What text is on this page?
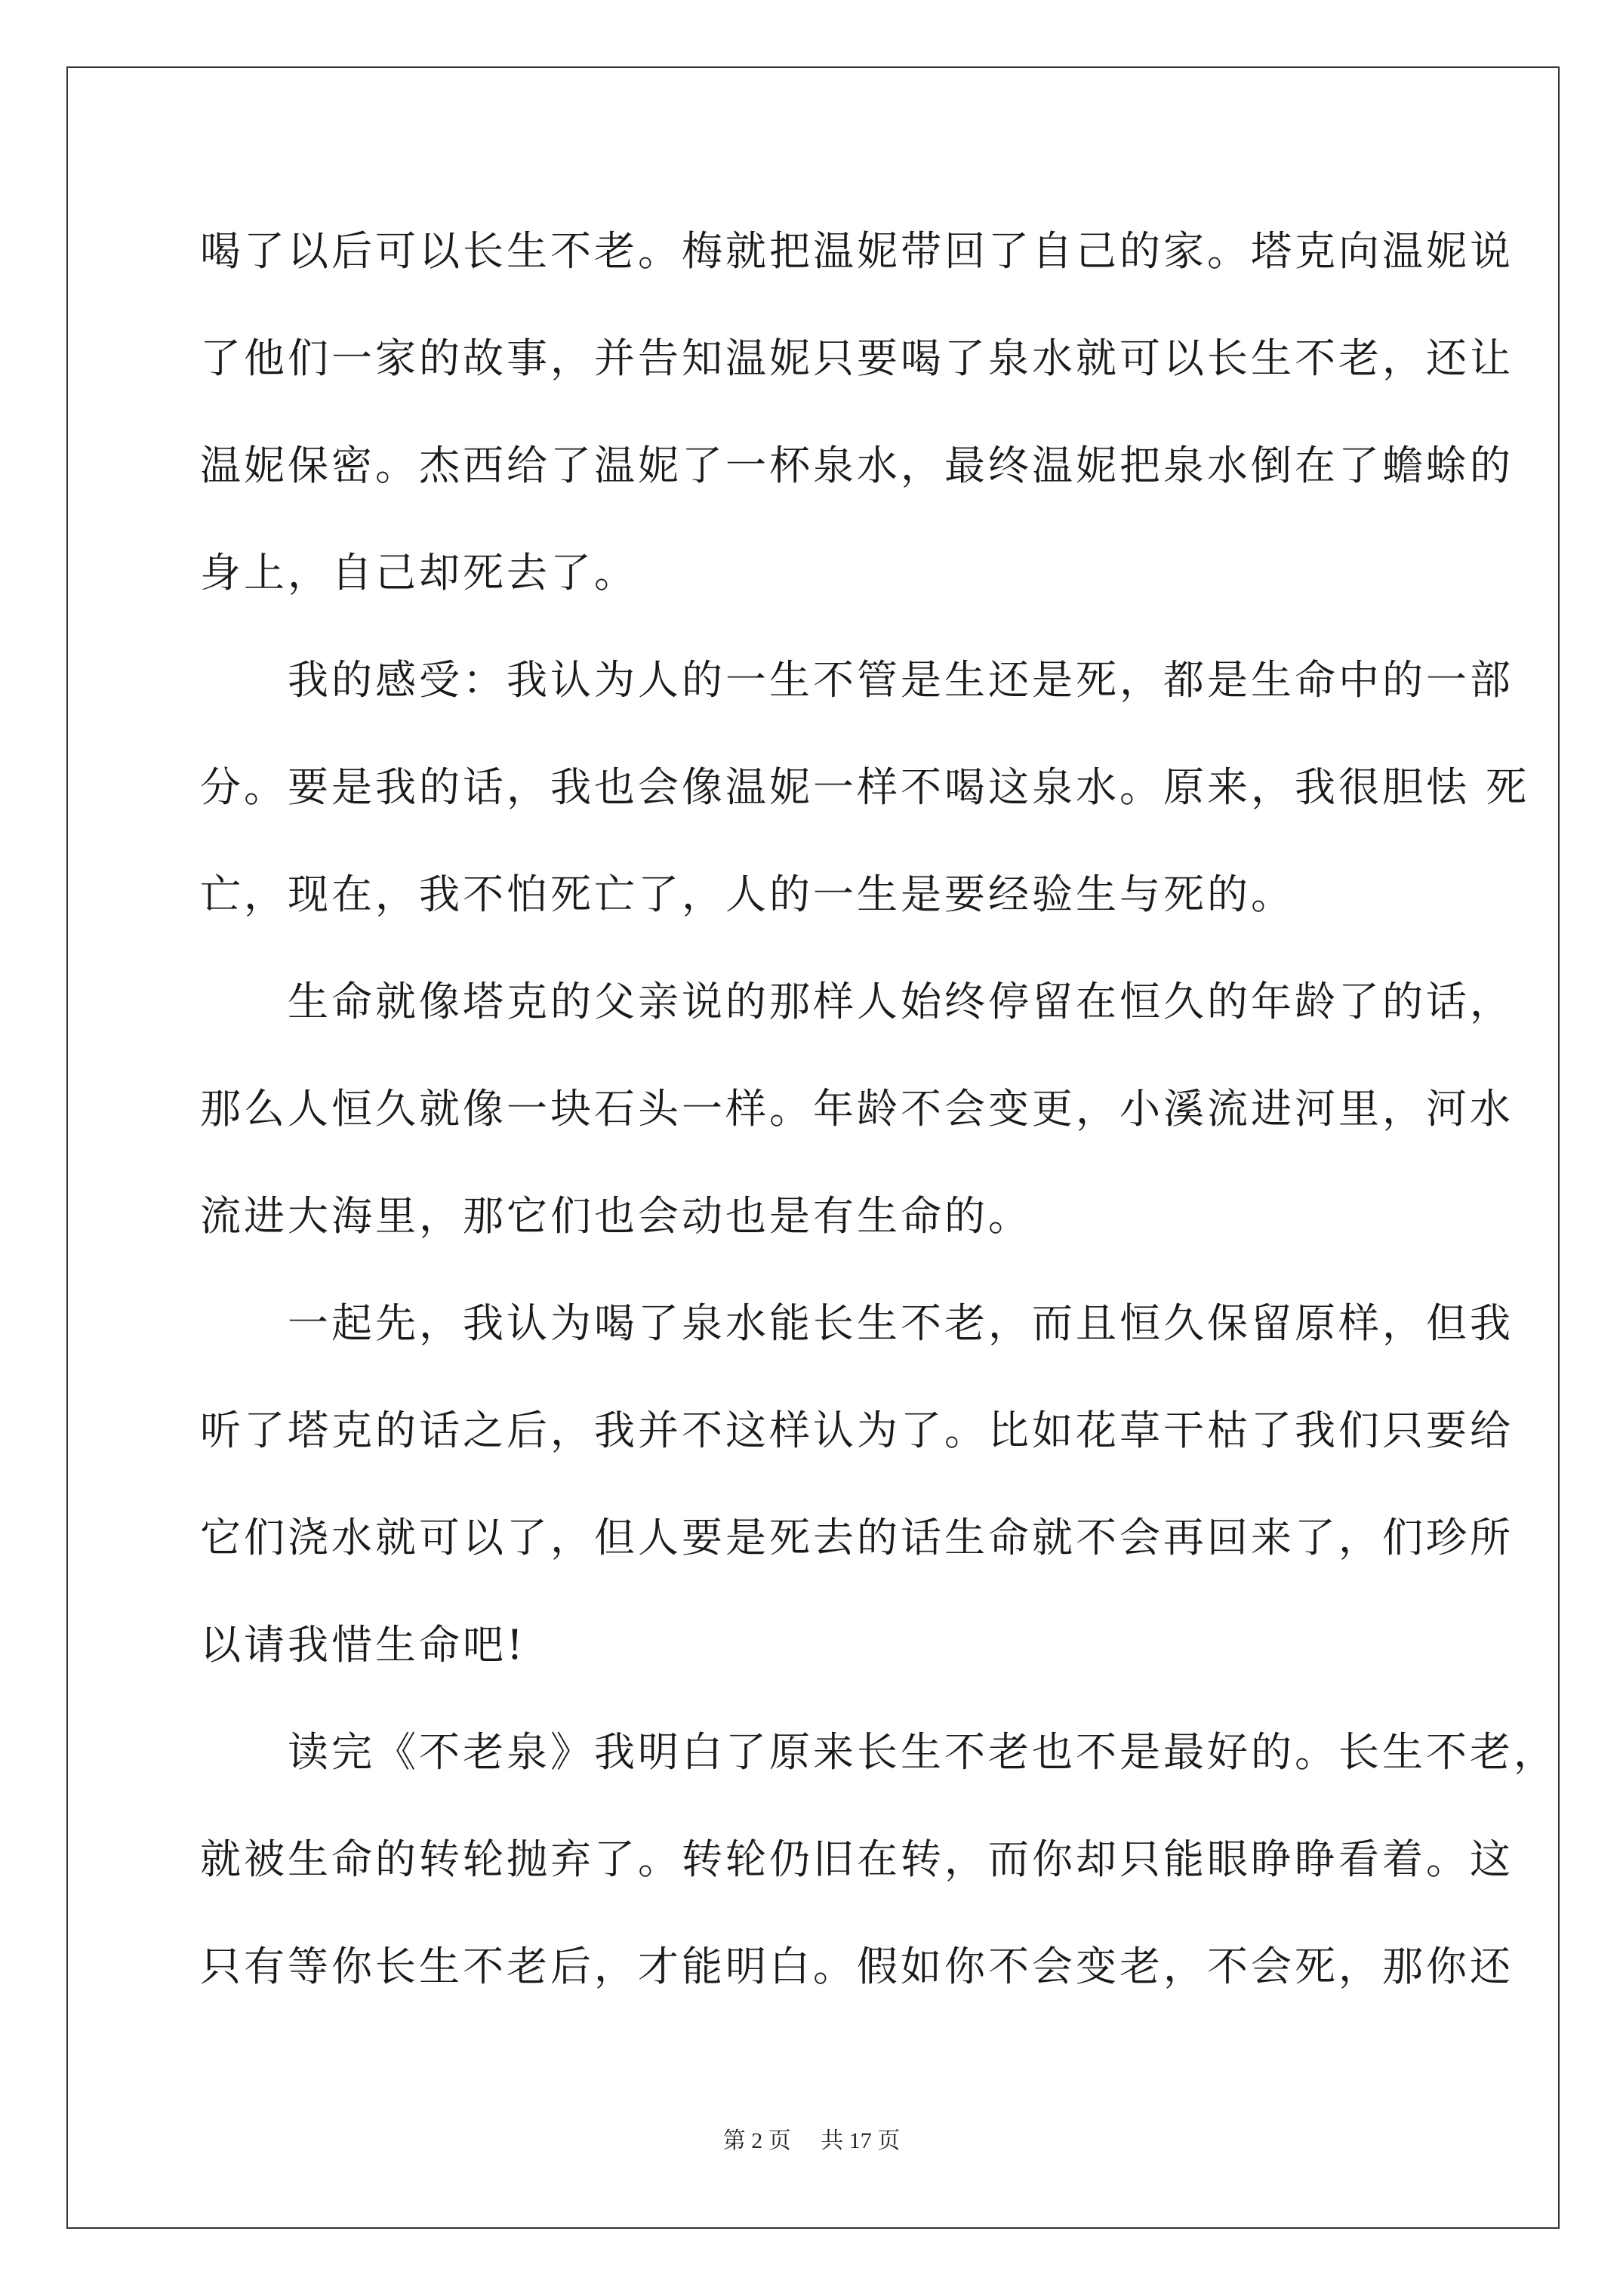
喝了以后可以长生不老。梅就把温妮带回了自己的家。塔克向温妮说
了他们一家的故事，并告知温妮只要喝了泉水就可以长生不老，还让
温妮保密。杰西给了温妮了一杯泉水，最终温妮把泉水倒在了蟾蜍的
身上，自己却死去了。
　　我的感受：我认为人的一生不管是生还是死，都是生命中的一部
分。要是我的话，我也会像温妮一样不喝这泉水。原来，我很胆怯 死
亡，现在，我不怕死亡了，人的一生是要经验生与死的。
　　生命就像塔克的父亲说的那样人始终停留在恒久的年龄了的话，
那么人恒久就像一块石头一样。年龄不会变更，小溪流进河里，河水
流进大海里，那它们也会动也是有生命的。
　　一起先，我认为喝了泉水能长生不老，而且恒久保留原样，但我
听了塔克的话之后，我并不这样认为了。比如花草干枯了我们只要给
它们浇水就可以了，但人要是死去的话生命就不会再回来了，们珍所
以请我惜生命吧!
　　读完《不老泉》我明白了原来长生不老也不是最好的。长生不老，
就被生命的转轮抛弃了。转轮仍旧在转，而你却只能眼睁睁看着。这
只有等你长生不老后，才能明白。假如你不会变老，不会死，那你还
第 2 页 共 17 页
